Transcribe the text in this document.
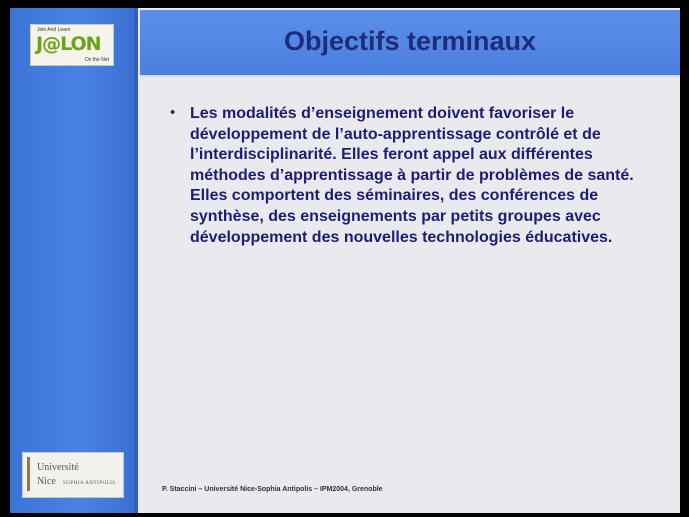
Join And Learn
J@LON
On the Net
Université
Nice SOPHIA ANTIPOLIS
Objectifs terminaux
• Les modalités d’enseignement doivent favoriser le développement de l’auto-apprentissage contrôlé et de l’interdisciplinarité. Elles feront appel aux différentes méthodes d’apprentissage à partir de problèmes de santé. Elles comportent des séminaires, des conférences de synthèse, des enseignements par petits groupes avec développement des nouvelles technologies éducatives.
P. Staccini – Université Nice-Sophia Antipolis – IPM2004, Grenoble
